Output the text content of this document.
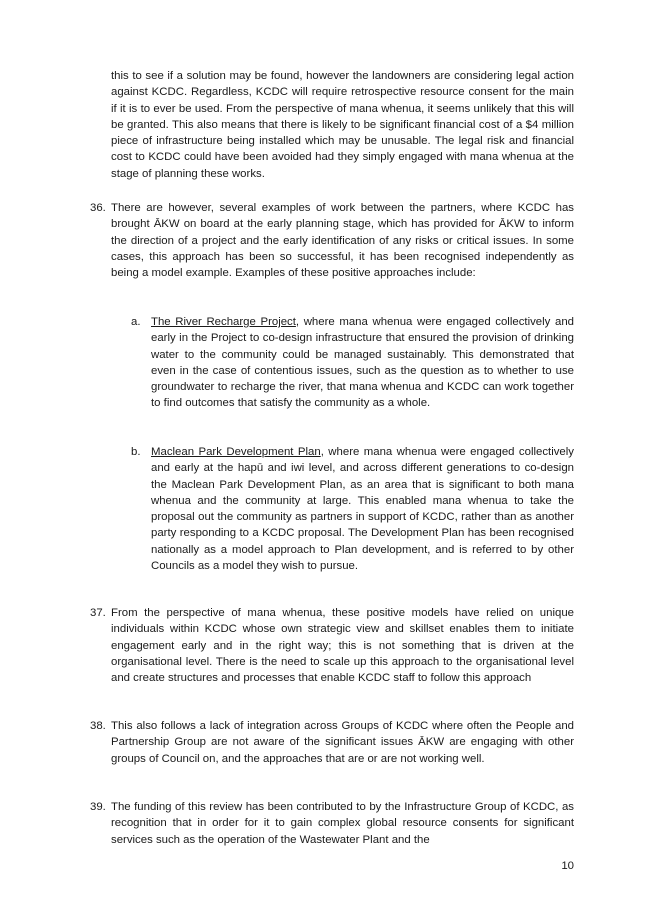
this to see if a solution may be found, however the landowners are considering legal action against KCDC. Regardless, KCDC will require retrospective resource consent for the main if it is to ever be used. From the perspective of mana whenua, it seems unlikely that this will be granted. This also means that there is likely to be significant financial cost of a $4 million piece of infrastructure being installed which may be unusable. The legal risk and financial cost to KCDC could have been avoided had they simply engaged with mana whenua at the stage of planning these works.

36. There are however, several examples of work between the partners, where KCDC has brought ĀKW on board at the early planning stage, which has provided for ĀKW to inform the direction of a project and the early identification of any risks or critical issues. In some cases, this approach has been so successful, it has been recognised independently as being a model example. Examples of these positive approaches include:
a. The River Recharge Project, where mana whenua were engaged collectively and early in the Project to co-design infrastructure that ensured the provision of drinking water to the community could be managed sustainably. This demonstrated that even in the case of contentious issues, such as the question as to whether to use groundwater to recharge the river, that mana whenua and KCDC can work together to find outcomes that satisfy the community as a whole.
b. Maclean Park Development Plan, where mana whenua were engaged collectively and early at the hapū and iwi level, and across different generations to co-design the Maclean Park Development Plan, as an area that is significant to both mana whenua and the community at large. This enabled mana whenua to take the proposal out the community as partners in support of KCDC, rather than as another party responding to a KCDC proposal. The Development Plan has been recognised nationally as a model approach to Plan development, and is referred to by other Councils as a model they wish to pursue.
37. From the perspective of mana whenua, these positive models have relied on unique individuals within KCDC whose own strategic view and skillset enables them to initiate engagement early and in the right way; this is not something that is driven at the organisational level. There is the need to scale up this approach to the organisational level and create structures and processes that enable KCDC staff to follow this approach
38. This also follows a lack of integration across Groups of KCDC where often the People and Partnership Group are not aware of the significant issues ĀKW are engaging with other groups of Council on, and the approaches that are or are not working well.
39. The funding of this review has been contributed to by the Infrastructure Group of KCDC, as recognition that in order for it to gain complex global resource consents for significant services such as the operation of the Wastewater Plant and the
10
